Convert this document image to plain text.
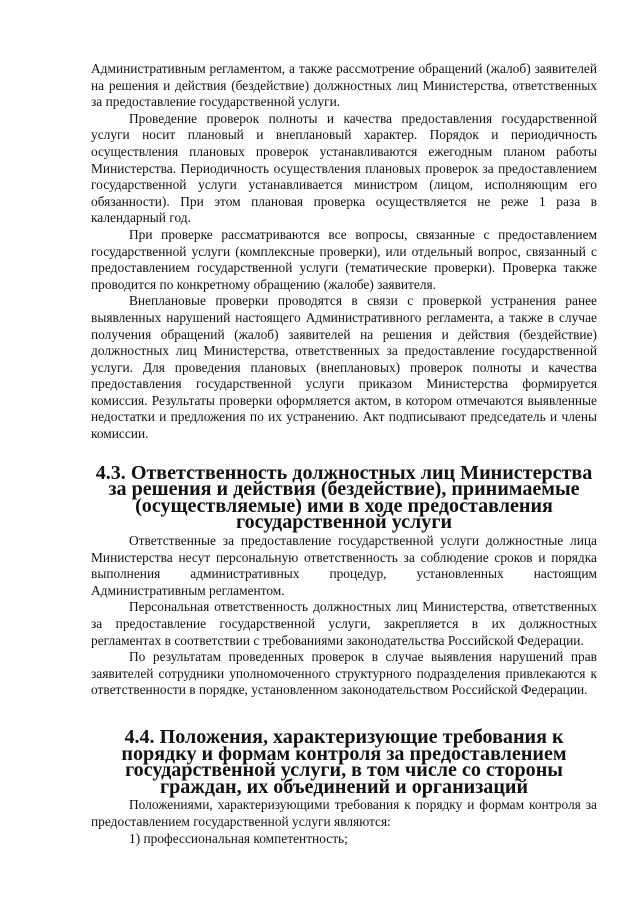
Административным регламентом, а также рассмотрение обращений (жалоб) заявителей на решения и действия (бездействие) должностных лиц Министерства, ответственных за предоставление государственной услуги.

Проведение проверок полноты и качества предоставления государственной услуги носит плановый и внеплановый характер. Порядок и периодичность осуществления плановых проверок устанавливаются ежегодным планом работы Министерства. Периодичность осуществления плановых проверок за предоставлением государственной услуги устанавливается министром (лицом, исполняющим его обязанности). При этом плановая проверка осуществляется не реже 1 раза в календарный год.

При проверке рассматриваются все вопросы, связанные с предоставлением государственной услуги (комплексные проверки), или отдельный вопрос, связанный с предоставлением государственной услуги (тематические проверки). Проверка также проводится по конкретному обращению (жалобе) заявителя.

Внеплановые проверки проводятся в связи с проверкой устранения ранее выявленных нарушений настоящего Административного регламента, а также в случае получения обращений (жалоб) заявителей на решения и действия (бездействие) должностных лиц Министерства, ответственных за предоставление государственной услуги. Для проведения плановых (внеплановых) проверок полноты и качества предоставления государственной услуги приказом Министерства формируется комиссия. Результаты проверки оформляется актом, в котором отмечаются выявленные недостатки и предложения по их устранению. Акт подписывают председатель и члены комиссии.

4.3. Ответственность должностных лиц Министерства за решения и действия (бездействие), принимаемые (осуществляемые) ими в ходе предоставления государственной услуги

Ответственные за предоставление государственной услуги должностные лица Министерства несут персональную ответственность за соблюдение сроков и порядка выполнения административных процедур, установленных настоящим Административным регламентом.

Персональная ответственность должностных лиц Министерства, ответственных за предоставление государственной услуги, закрепляется в их должностных регламентах в соответствии с требованиями законодательства Российской Федерации.

По результатам проведенных проверок в случае выявления нарушений прав заявителей сотрудники уполномоченного структурного подразделения привлекаются к ответственности в порядке, установленном законодательством Российской Федерации.

4.4. Положения, характеризующие требования к порядку и формам контроля за предоставлением государственной услуги, в том числе со стороны граждан, их объединений и организаций

Положениями, характеризующими требования к порядку и формам контроля за предоставлением государственной услуги являются:

1) профессиональная компетентность;
